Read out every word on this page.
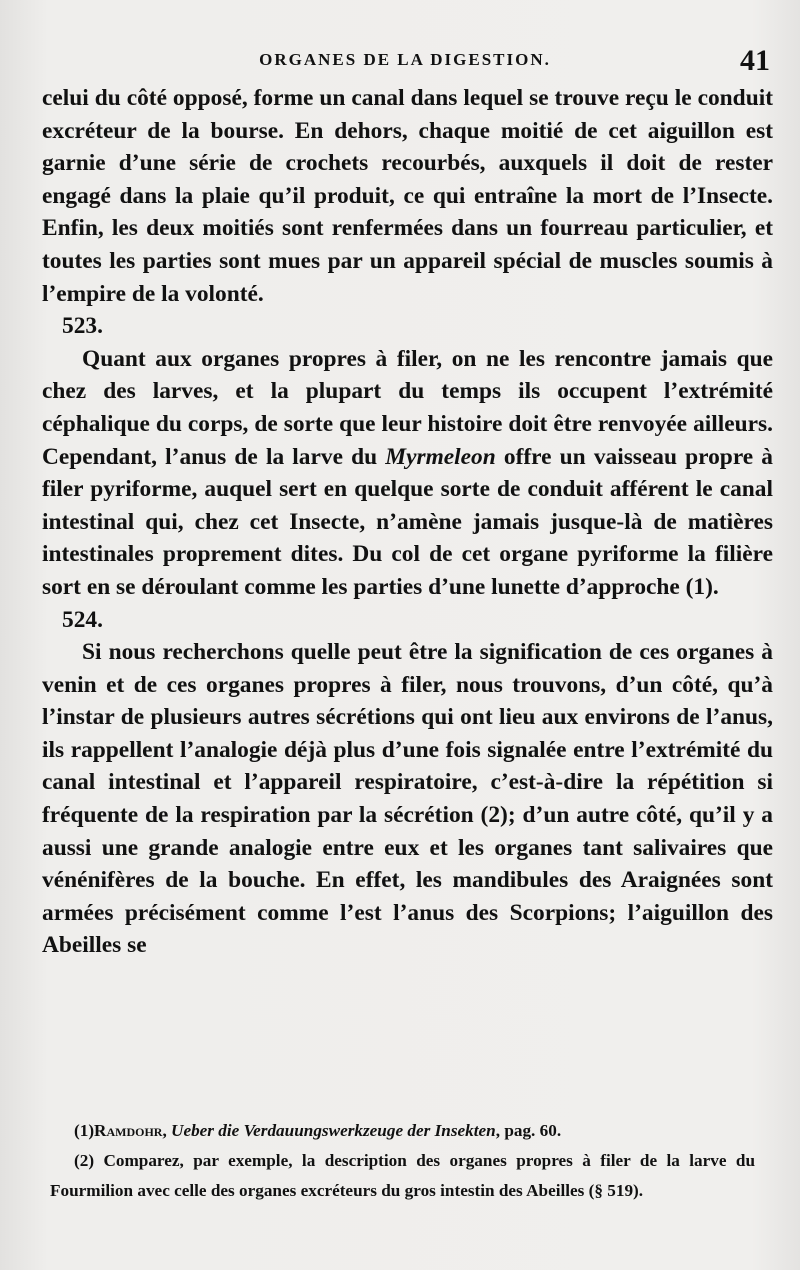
ORGANES DE LA DIGESTION.	41

celui du côté opposé, forme un canal dans lequel se trouve reçu le conduit excréteur de la bourse. En dehors, chaque moitié de cet aiguillon est garnie d’une série de crochets recourbés, auxquels il doit de rester engagé dans la plaie qu’il produit, ce qui entraîne la mort de l’Insecte. Enfin, les deux moitiés sont renfermées dans un fourreau particulier, et toutes les parties sont mues par un appareil spécial de muscles soumis à l’empire de la volonté.

523.

Quant aux organes propres à filer, on ne les rencontre jamais que chez des larves, et la plupart du temps ils occupent l’extrémité céphalique du corps, de sorte que leur histoire doit être renvoyée ailleurs. Cependant, l’anus de la larve du Myrmeleon offre un vaisseau propre à filer pyriforme, auquel sert en quelque sorte de conduit afférent le canal intestinal qui, chez cet Insecte, n’amène jamais jusque-là de matières intestinales proprement dites. Du col de cet organe pyriforme la filière sort en se déroulant comme les parties d’une lunette d’approche (1).

524.

Si nous recherchons quelle peut être la signification de ces organes à venin et de ces organes propres à filer, nous trouvons, d’un côté, qu’à l’instar de plusieurs autres sécrétions qui ont lieu aux environs de l’anus, ils rappellent l’analogie déjà plus d’une fois signalée entre l’extrémité du canal intestinal et l’appareil respiratoire, c’est-à-dire la répétition si fréquente de la respiration par la sécrétion (2); d’un autre côté, qu’il y a aussi une grande analogie entre eux et les organes tant salivaires que vénénifères de la bouche. En effet, les mandibules des Araignées sont armées précisément comme l’est l’anus des Scorpions; l’aiguillon des Abeilles se

(1)Ramdohr, Ueber die Verdauungswerkzeuge der Insekten, pag. 60.

(2) Comparez, par exemple, la description des organes propres à filer de la larve du Fourmilion avec celle des organes excréteurs du gros intestin des Abeilles (§ 519).
